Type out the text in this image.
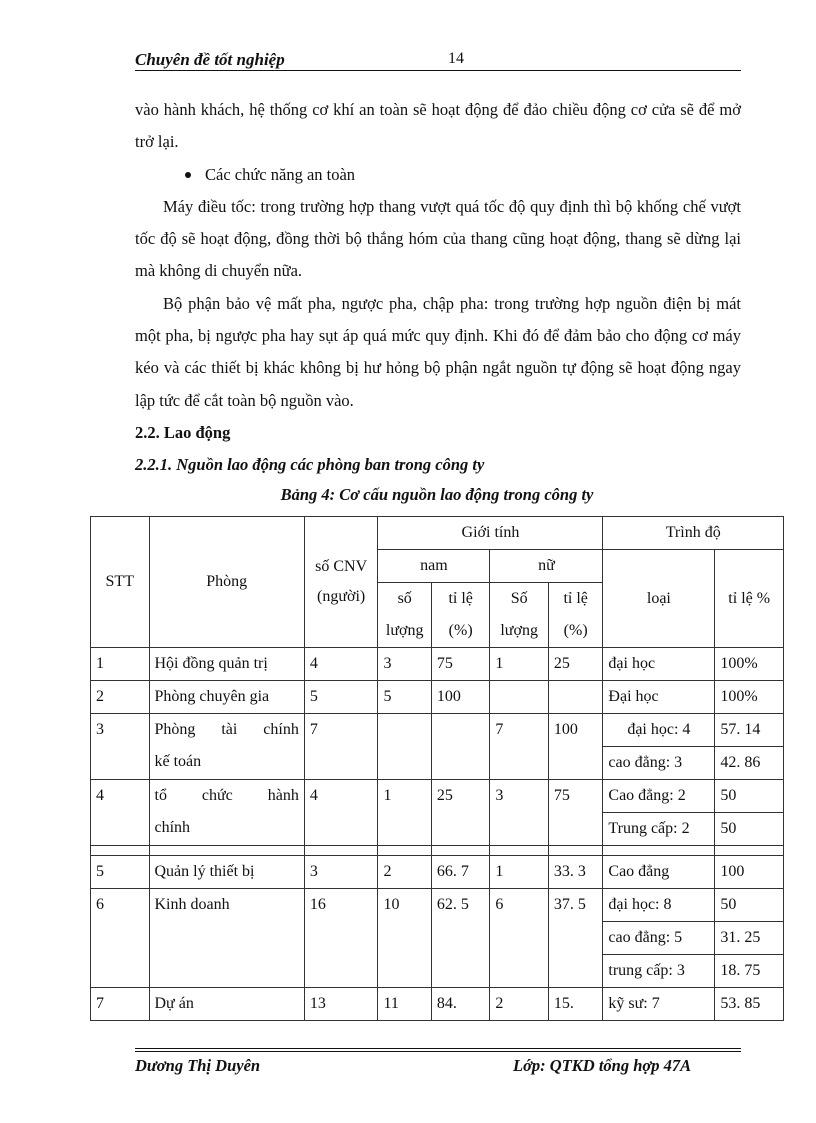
Chuyên đề tốt nghiệp	14

vào hành khách, hệ thống cơ khí an toàn sẽ hoạt động để đảo chiều động cơ cửa sẽ để mở trở lại.

Các chức năng an toàn

Máy điều tốc: trong trường hợp thang vượt quá tốc độ quy định thì bộ khống chế vượt tốc độ sẽ hoạt động, đồng thời bộ thắng hóm của thang cũng hoạt động, thang sẽ dừng lại mà không di chuyển nữa.

Bộ phận bảo vệ mất pha, ngược pha, chập pha: trong trường hợp nguồn điện bị mát một pha, bị ngược pha hay sụt áp quá mức quy định. Khi đó để đảm bảo cho động cơ máy kéo và các thiết bị khác không bị hư hỏng bộ phận ngắt nguồn tự động sẽ hoạt động ngay lập tức để cắt toàn bộ nguồn vào.

2.2. Lao động

2.2.1. Nguồn lao động các phòng ban trong công ty

Bảng 4: Cơ cấu nguồn lao động trong công ty
STT	Phòng	số CNV (người)	Giới tính				Trình độ	
			nam		nữ		loại	tỉ lệ %
			số lượng	tỉ lệ (%)	Số lượng	tỉ lệ (%)		

1	Hội đồng quản trị	4	3	75	1	25	đại học	100%
2	Phòng chuyên gia	5	5	100			Đại học	100%
3	Phòng tài chính
kế toán	7			7	100	đại học: 4	57. 14
							cao đẳng: 3	42. 86
4	tổ chức hành
chính	4	1	25	3	75	Cao đẳng: 2	50
							Trung cấp: 2	50

5	Quản lý thiết bị	3	2	66. 7	1	33. 3	Cao đẳng	100
6	Kinh doanh	16	10	62. 5	6	37. 5	đại học: 8	50
							cao đẳng: 5	31. 25
							trung cấp: 3	18. 75
7	Dự án	13	11	84.	2	15.	kỹ sư: 7	53. 85
Dương Thị Duyên	Lớp: QTKD tổng hợp 47A
